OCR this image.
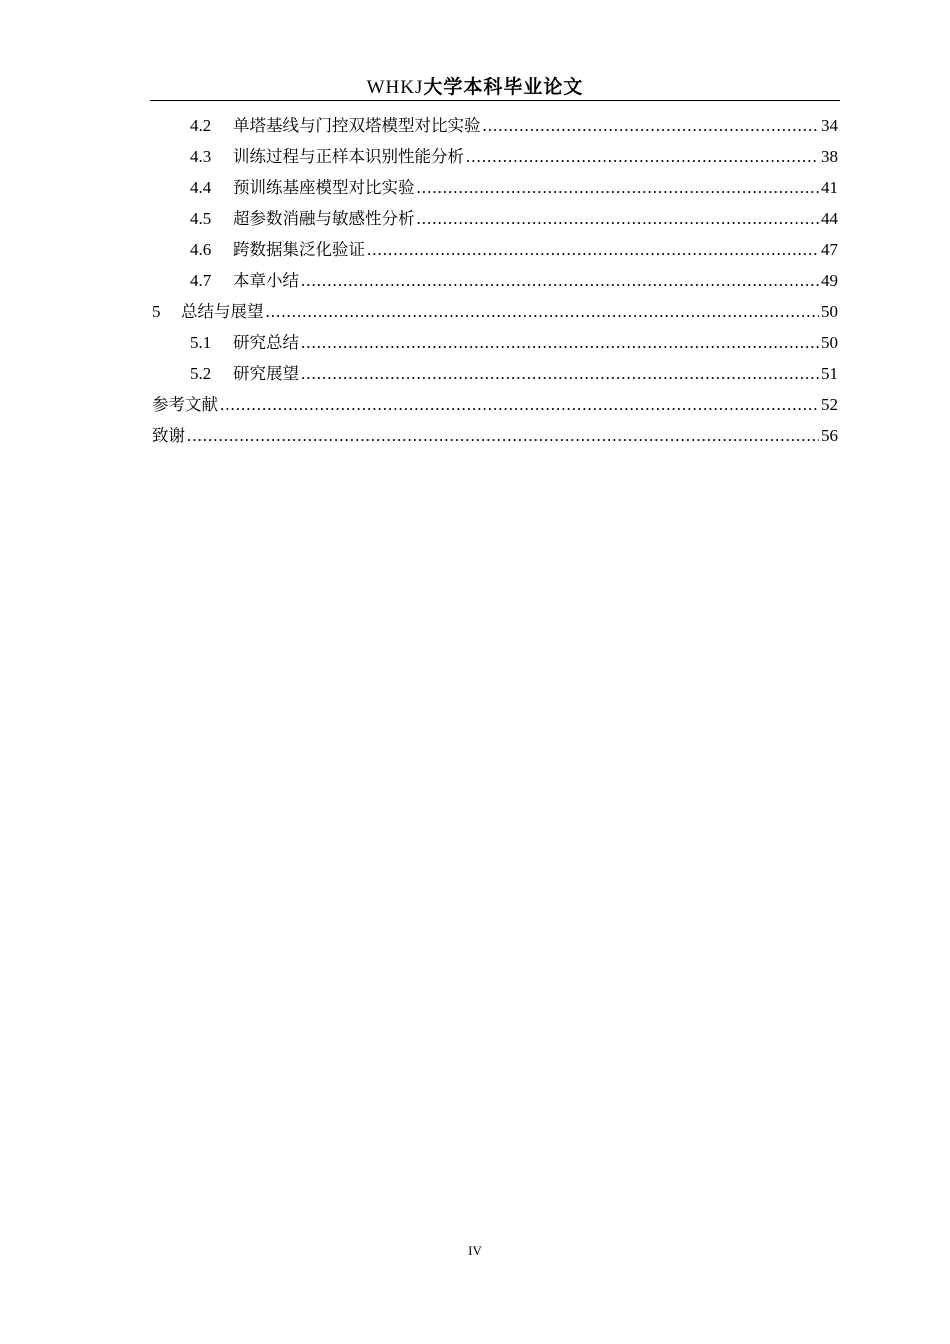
WHKJ大学本科毕业论文
4.2	单塔基线与门控双塔模型对比实验 .....	34
4.3	训练过程与正样本识别性能分析 .....	38
4.4	预训练基座模型对比实验 .....	41
4.5	超参数消融与敏感性分析 .....	44
4.6	跨数据集泛化验证 .....	47
4.7	本章小结 .....	49
5	总结与展望 .....	50
5.1	研究总结 .....	50
5.2	研究展望 .....	51
参考文献 .....	52
致谢 .....	56
IV
